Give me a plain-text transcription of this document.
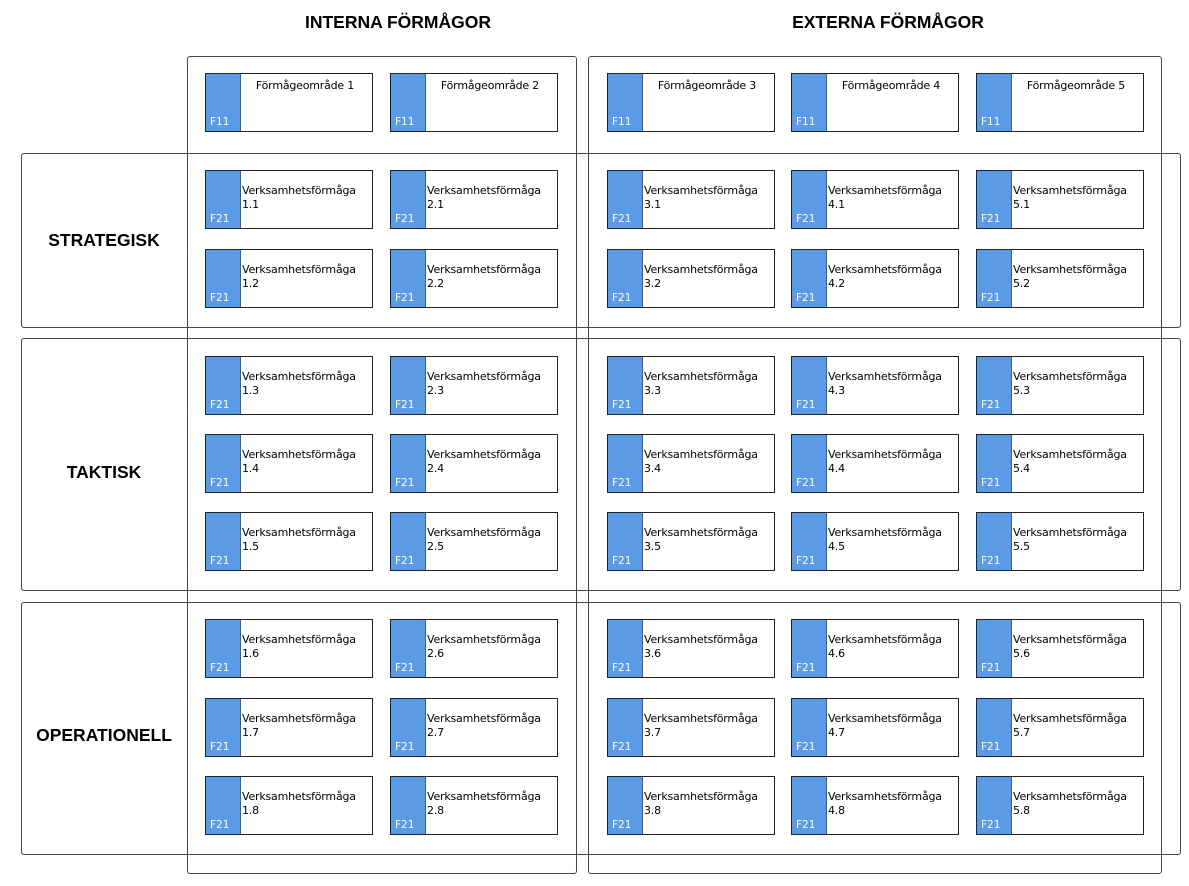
INTERNA FÖRMÅGOR	EXTERNA FÖRMÅGOR
STRATEGISK
TAKTISK
OPERATIONELL
F11
Förmågeområde 1
F11
Förmågeområde 2
F11
Förmågeområde 3
F11
Förmågeområde 4
F11
Förmågeområde 5
F21
Verksamhetsförmåga 1.1
F21
Verksamhetsförmåga 1.2
F21
Verksamhetsförmåga 1.3
F21
Verksamhetsförmåga 1.4
F21
Verksamhetsförmåga 1.5
F21
Verksamhetsförmåga 1.6
F21
Verksamhetsförmåga 1.7
F21
Verksamhetsförmåga 1.8
F21
Verksamhetsförmåga 2.1
F21
Verksamhetsförmåga 2.2
F21
Verksamhetsförmåga 2.3
F21
Verksamhetsförmåga 2.4
F21
Verksamhetsförmåga 2.5
F21
Verksamhetsförmåga 2.6
F21
Verksamhetsförmåga 2.7
F21
Verksamhetsförmåga 2.8
F21
Verksamhetsförmåga 3.1
F21
Verksamhetsförmåga 3.2
F21
Verksamhetsförmåga 3.3
F21
Verksamhetsförmåga 3.4
F21
Verksamhetsförmåga 3.5
F21
Verksamhetsförmåga 3.6
F21
Verksamhetsförmåga 3.7
F21
Verksamhetsförmåga 3.8
F21
Verksamhetsförmåga 4.1
F21
Verksamhetsförmåga 4.2
F21
Verksamhetsförmåga 4.3
F21
Verksamhetsförmåga 4.4
F21
Verksamhetsförmåga 4.5
F21
Verksamhetsförmåga 4.6
F21
Verksamhetsförmåga 4.7
F21
Verksamhetsförmåga 4.8
F21
Verksamhetsförmåga 5.1
F21
Verksamhetsförmåga 5.2
F21
Verksamhetsförmåga 5.3
F21
Verksamhetsförmåga 5.4
F21
Verksamhetsförmåga 5.5
F21
Verksamhetsförmåga 5.6
F21
Verksamhetsförmåga 5.7
F21
Verksamhetsförmåga 5.8
